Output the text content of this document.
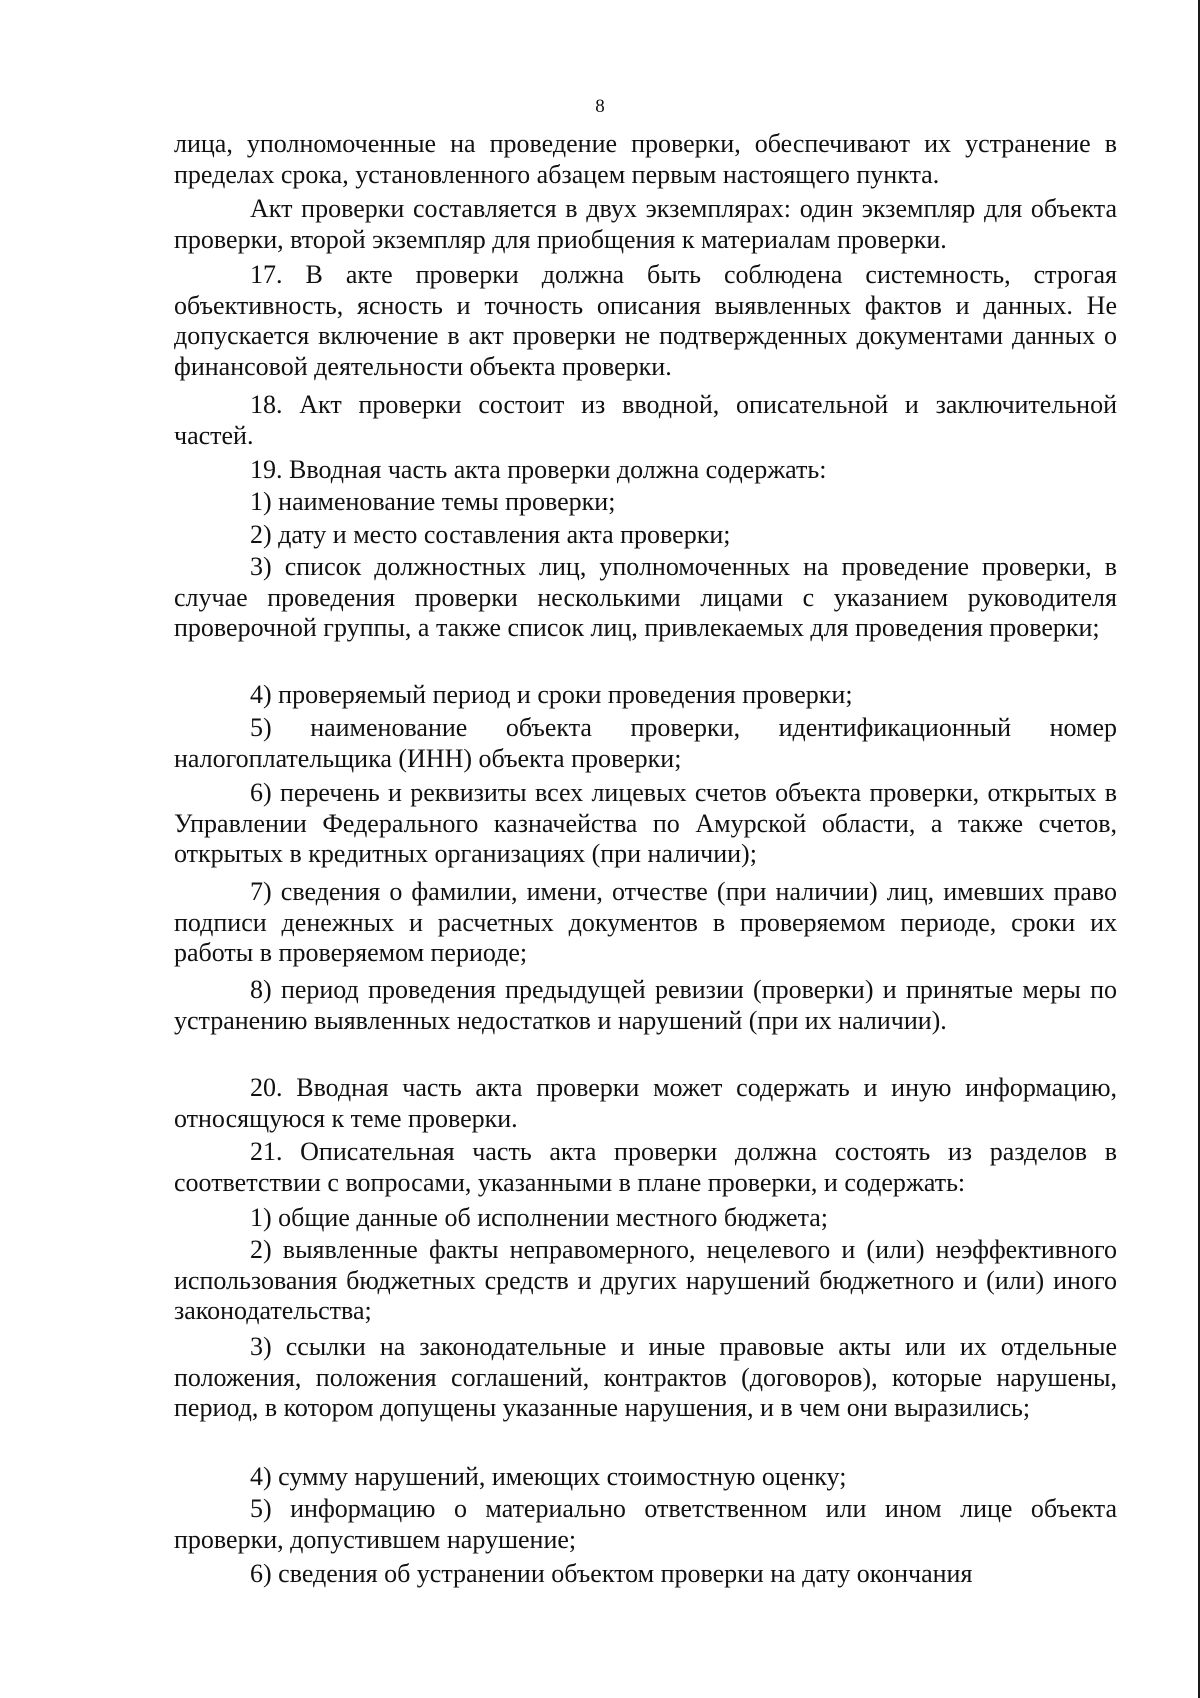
8

лица, уполномоченные на проведение проверки, обеспечивают их устранение в пределах срока, установленного абзацем первым настоящего пункта.

Акт проверки составляется в двух экземплярах: один экземпляр для объекта проверки, второй экземпляр для приобщения к материалам проверки.

17. В акте проверки должна быть соблюдена системность, строгая объективность, ясность и точность описания выявленных фактов и данных. Не допускается включение в акт проверки не подтвержденных документами данных о финансовой деятельности объекта проверки.

18. Акт проверки состоит из вводной, описательной и заключительной частей.

19. Вводная часть акта проверки должна содержать:

1) наименование темы проверки;

2) дату и место составления акта проверки;

3) список должностных лиц, уполномоченных на проведение проверки, в случае проведения проверки несколькими лицами с указанием руководителя проверочной группы, а также список лиц, привлекаемых для проведения проверки;

4) проверяемый период и сроки проведения проверки;

5) наименование объекта проверки, идентификационный номер налогоплательщика (ИНН) объекта проверки;

6) перечень и реквизиты всех лицевых счетов объекта проверки, открытых в Управлении Федерального казначейства по Амурской области, а также счетов, открытых в кредитных организациях (при наличии);

7) сведения о фамилии, имени, отчестве (при наличии) лиц, имевших право подписи денежных и расчетных документов в проверяемом периоде, сроки их работы в проверяемом периоде;

8) период проведения предыдущей ревизии (проверки) и принятые меры по устранению выявленных недостатков и нарушений (при их наличии).

20. Вводная часть акта проверки может содержать и иную информацию, относящуюся к теме проверки.

21. Описательная часть акта проверки должна состоять из разделов в соответствии с вопросами, указанными в плане проверки, и содержать:

1) общие данные об исполнении местного бюджета;

2) выявленные факты неправомерного, нецелевого и (или) неэффективного использования бюджетных средств и других нарушений бюджетного и (или) иного законодательства;

3) ссылки на законодательные и иные правовые акты или их отдельные положения, положения соглашений, контрактов (договоров), которые нарушены, период, в котором допущены указанные нарушения, и в чем они выразились;

4) сумму нарушений, имеющих стоимостную оценку;

5) информацию о материально ответственном или ином лице объекта проверки, допустившем нарушение;

6) сведения об устранении объектом проверки на дату окончания
